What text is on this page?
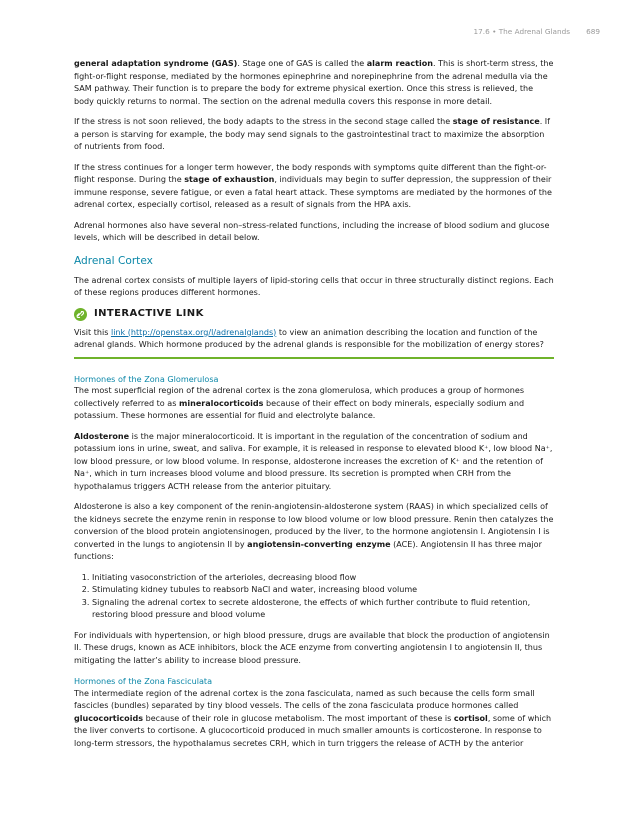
17.6 • The Adrenal Glands 689

general adaptation syndrome (GAS). Stage one of GAS is called the alarm reaction. This is short-term stress, the fight-or-flight response, mediated by the hormones epinephrine and norepinephrine from the adrenal medulla via the SAM pathway. Their function is to prepare the body for extreme physical exertion. Once this stress is relieved, the body quickly returns to normal. The section on the adrenal medulla covers this response in more detail.

If the stress is not soon relieved, the body adapts to the stress in the second stage called the stage of resistance. If a person is starving for example, the body may send signals to the gastrointestinal tract to maximize the absorption of nutrients from food.

If the stress continues for a longer term however, the body responds with symptoms quite different than the fight-or-flight response. During the stage of exhaustion, individuals may begin to suffer depression, the suppression of their immune response, severe fatigue, or even a fatal heart attack. These symptoms are mediated by the hormones of the adrenal cortex, especially cortisol, released as a result of signals from the HPA axis.

Adrenal hormones also have several non–stress-related functions, including the increase of blood sodium and glucose levels, which will be described in detail below.

Adrenal Cortex

The adrenal cortex consists of multiple layers of lipid-storing cells that occur in three structurally distinct regions. Each of these regions produces different hormones.

INTERACTIVE LINK

Visit this link (http://openstax.org/l/adrenalglands) to view an animation describing the location and function of the adrenal glands. Which hormone produced by the adrenal glands is responsible for the mobilization of energy stores?

Hormones of the Zona Glomerulosa

The most superficial region of the adrenal cortex is the zona glomerulosa, which produces a group of hormones collectively referred to as mineralocorticoids because of their effect on body minerals, especially sodium and potassium. These hormones are essential for fluid and electrolyte balance.

Aldosterone is the major mineralocorticoid. It is important in the regulation of the concentration of sodium and potassium ions in urine, sweat, and saliva. For example, it is released in response to elevated blood K⁺, low blood Na⁺, low blood pressure, or low blood volume. In response, aldosterone increases the excretion of K⁺ and the retention of Na⁺, which in turn increases blood volume and blood pressure. Its secretion is prompted when CRH from the hypothalamus triggers ACTH release from the anterior pituitary.

Aldosterone is also a key component of the renin-angiotensin-aldosterone system (RAAS) in which specialized cells of the kidneys secrete the enzyme renin in response to low blood volume or low blood pressure. Renin then catalyzes the conversion of the blood protein angiotensinogen, produced by the liver, to the hormone angiotensin I. Angiotensin I is converted in the lungs to angiotensin II by angiotensin-converting enzyme (ACE). Angiotensin II has three major functions:

1. Initiating vasoconstriction of the arterioles, decreasing blood flow
2. Stimulating kidney tubules to reabsorb NaCl and water, increasing blood volume
3. Signaling the adrenal cortex to secrete aldosterone, the effects of which further contribute to fluid retention, restoring blood pressure and blood volume

For individuals with hypertension, or high blood pressure, drugs are available that block the production of angiotensin II. These drugs, known as ACE inhibitors, block the ACE enzyme from converting angiotensin I to angiotensin II, thus mitigating the latter’s ability to increase blood pressure.

Hormones of the Zona Fasciculata

The intermediate region of the adrenal cortex is the zona fasciculata, named as such because the cells form small fascicles (bundles) separated by tiny blood vessels. The cells of the zona fasciculata produce hormones called glucocorticoids because of their role in glucose metabolism. The most important of these is cortisol, some of which the liver converts to cortisone. A glucocorticoid produced in much smaller amounts is corticosterone. In response to long-term stressors, the hypothalamus secretes CRH, which in turn triggers the release of ACTH by the anterior
